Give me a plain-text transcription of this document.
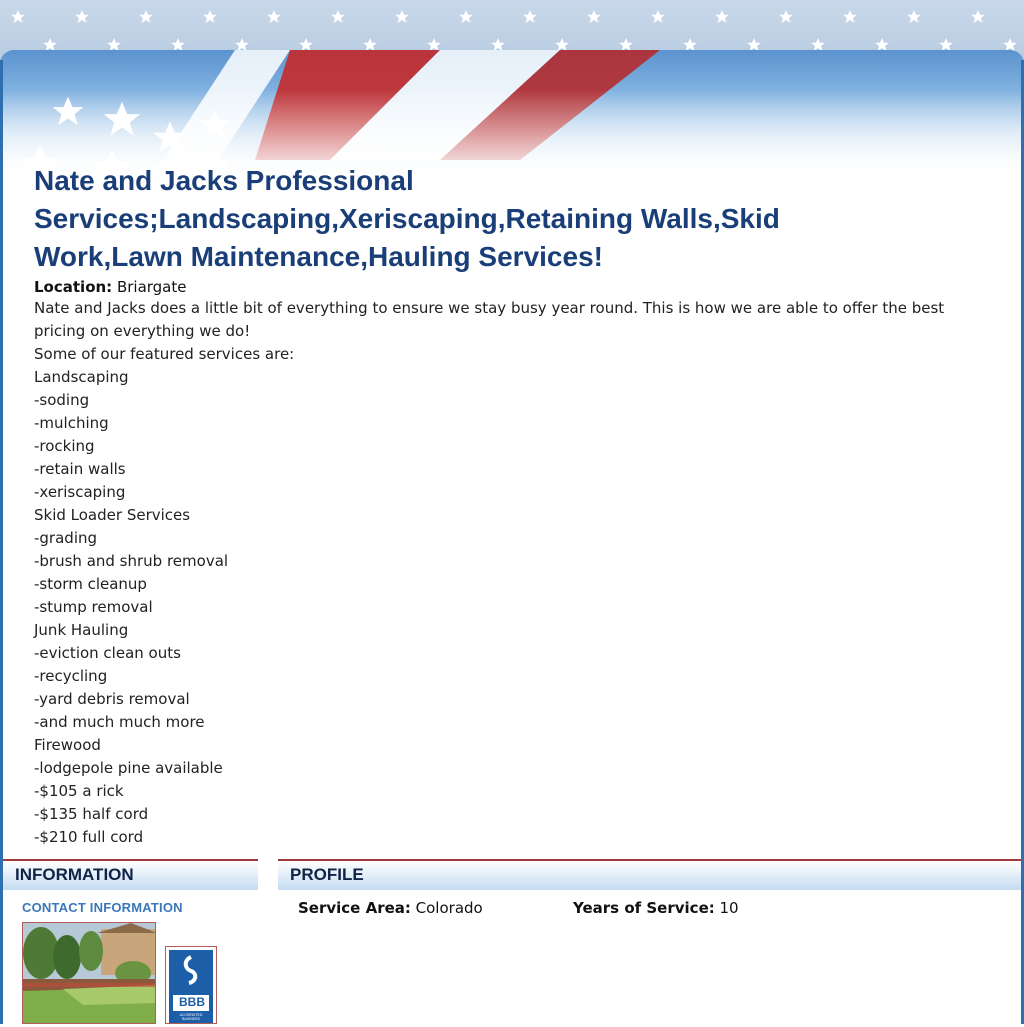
Nate and Jacks Professional Services;Landscaping,Xeriscaping,Retaining Walls,Skid Work,Lawn Maintenance,Hauling Services!
Location: Briargate
Nate and Jacks does a little bit of everything to ensure we stay busy year round. This is how we are able to offer the best pricing on everything we do!
Some of our featured services are:
Landscaping
-soding
-mulching
-rocking
-retain walls
-xeriscaping
Skid Loader Services
-grading
-brush and shrub removal
-storm cleanup
-stump removal
Junk Hauling
-eviction clean outs
-recycling
-yard debris removal
-and much much more
Firewood
-lodgepole pine available
-$105 a rick
-$135 half cord
-$210 full cord
INFORMATION
CONTACT INFORMATION
BBB
ACCREDITED BUSINESS
PROFILE
Service Area: Colorado	Years of Service: 10
